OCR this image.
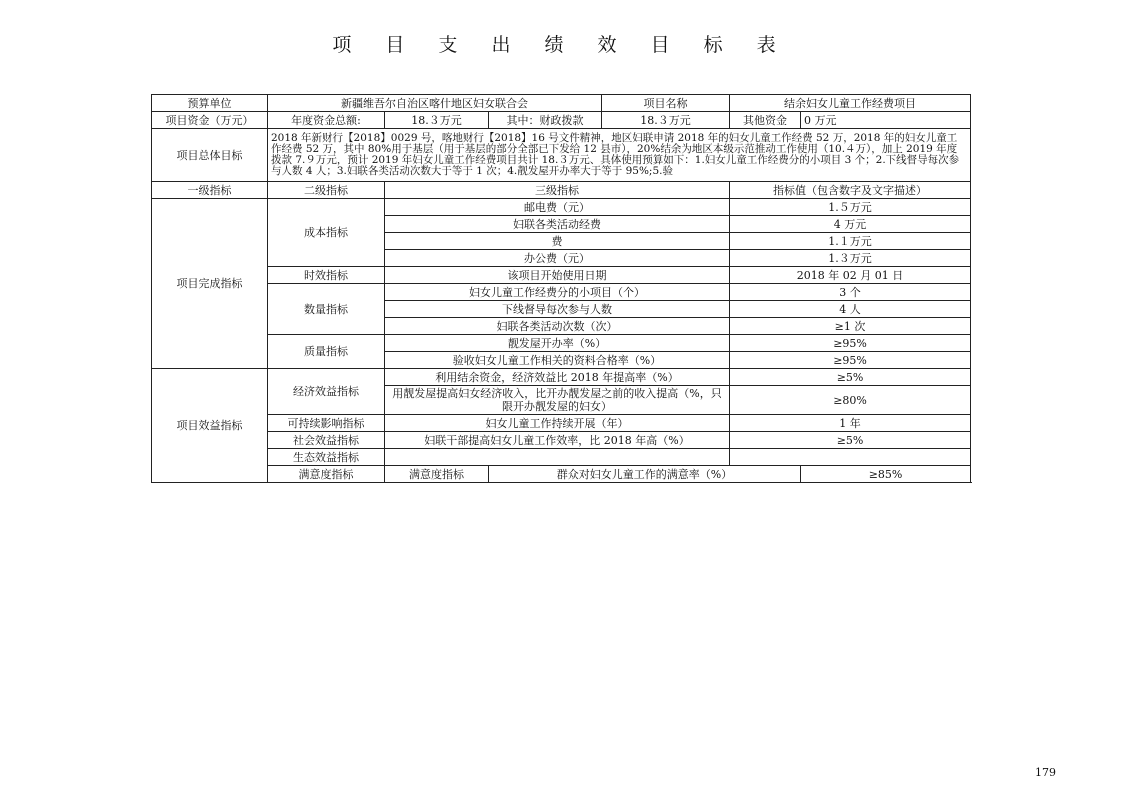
项 目 支 出 绩 效 目 标 表
预算单位	新疆维吾尔自治区喀什地区妇女联合会			项目名称	结余妇女儿童工作经费项目	
项目资金（万元）	年度资金总额:	18.３万元	其中：财政拨款	18.３万元	其他资金	0 万元
项目总体目标	2018 年新财行【2018】0029 号，喀地财行【2018】16 号文件精神，地区妇联申请 2018 年的妇女儿童工作经费 52 万，2018 年的妇女儿童工作经费 52 万，其中 80%用于基层（用于基层的部分全部已下发给 12 县市），20%结余为地区本级示范推动工作使用（10.４万），加上 2019 年度拨款 7.９万元，预计 2019 年妇女儿童工作经费项目共计 18.３万元、具体使用预算如下：1.妇女儿童工作经费分的小项目 3 个；2.下线督导每次参与人数 4 人；3.妇联各类活动次数大于等于 1 次；4.靓发屋开办率大于等于 95%;5.验					
一级指标	二级指标	三级指标			指标值（包含数字及文字描述）	
项目完成指标	成本指标	邮电费（元）			1.５万元	
		妇联各类活动经费			4 万元	
		费			1.１万元	
		办公费（元）			1.３万元	
	时效指标	该项目开始使用日期			2018 年 02 月 01 日	
	数量指标	妇女儿童工作经费分的小项目（个）			3 个	
		下线督导每次参与人数			4 人	
		妇联各类活动次数（次）			≥1 次	
	质量指标	靓发屋开办率（%）			≥95%	
		验收妇女儿童工作相关的资料合格率（%）			≥95%	
项目效益指标	经济效益指标	利用结余资金，经济效益比 2018 年提高率（%）			≥5%	
		用靓发屋提高妇女经济收入，比开办靓发屋之前的收入提高（%，只限开办靓发屋的妇女）			≥80%	
	可持续影响指标	妇女儿童工作持续开展（年）			1 年	
	社会效益指标	妇联干部提高妇女儿童工作效率，比 2018 年高（%）			≥5%	
	生态效益指标					
	满意度指标	满意度指标	群众对妇女儿童工作的满意率（%）			≥85%
179
